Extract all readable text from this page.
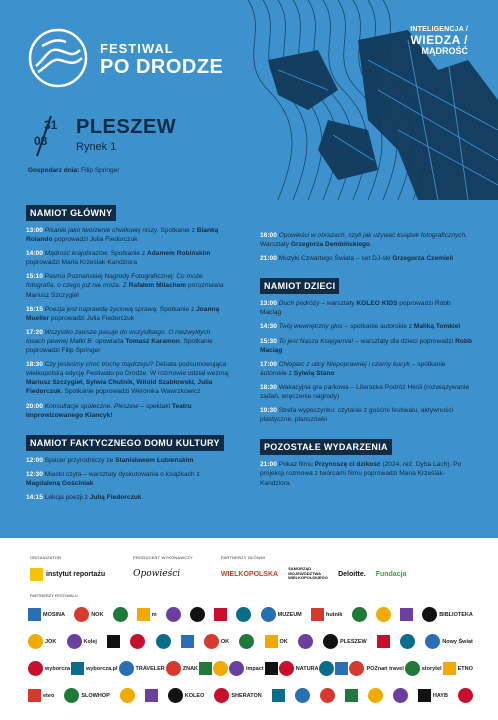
FESTIWAL
PO DRODZE
INTELIGENCJA /
WIEDZA /
MĄDROŚĆ
31
08
PLESZEW
Rynek 1
Gospodarz dnia: Filip Springer
NAMIOT GŁÓWNY
13:00 Pisanie jako tworzenie chwilowej niszy. Spotkanie z Bianką Rolando poprowadzi Julia Fiedorczuk
14:00 Mądrość krajobrazów. Spotkanie z Adamem Robińskim poprowadzi Maria Krześlak-Kandziora
15:10 Pasmo Poznańskiej Nagrody Fotograficznej: Co może fotografia, o czego już nie może. Z Rafałem Milachem porozmawia Mariusz Szczygieł
16:15 Poezja jest naprawdę życiową sprawą. Spotkanie z Joanną Mueller poprowadzi Julia Fiedorczuk
17:20 Wszystko zawsze pasuje do wszystkiego. O niezwykłych losach pewnej Matki B. opowiada Tomasz Karamon. Spotkanie poprowadzi Filip Springer
18:30 Czy jesteśmy choć trochę mądrzejsi? Debata podsumowująca wielkopolską edycję Festiwalu po Drodze. W rozmowie udział wezmą: Mariusz Szczygieł, Sylwia Chutnik, Witold Szabłowski, Julia Fiedorczuk. Spotkanie poprowadzi Weronika Wawrzkowicz
20:00 Konsultacje społeczne. Pleszew – spektakl Teatru Improwizowanego Klancyk!
NAMIOT FAKTYCZNEGO DOMU KULTURY
12:00 Spacer przyrodniczy ze Stanisławem Łubieńskim
12:30 Miasto czyta – warsztaty dyskutowania o książkach z Magdaleną Gościniak
14:15 Lekcja poezji z Julią Fiedorczuk.
16:00 Opowieści w obrazach, czyli jak używać książek fotograficznych. Warsztaty Grzegorza Dembińskiego
21:00 Muzyki Czwartego Świata – set DJ-ski Grzegorza Czemieli
NAMIOT DZIECI
13:00 Duch podróży – warsztaty KOLEO KIDS poprowadzi Robb Maciąg
14:30 Twój wewnętrzny głos – spotkanie autorskie z Maliką Tomkiel
15:30 To jest Nasza Księgarnia! – warsztaty dla dzieci poprowadzi Robb Maciąg
17:00 Chłopiec z ulicy Niepoprawnej i czarny kucyk – spotkanie autorskie z Sylwią Stano
18:30 Wakacyjna gra parkowa – Literacka Podróż Heśli (rozwiązywanie zadań, wręczenie nagrody)
19:30 Strefa wypoczynku: czytanie z gośćmi festiwalu, aktywności plastyczne, planszówki
POZOSTAŁE WYDARZENIA
21:00 Pokaz filmu Przynoszę ci dzikość (2024, reż. Dyba Lach). Po projekcji rozmowa z twórcami filmu poprowadzi Maria Krześlak-Kandziora
ORGANIZATOR
instytut reportażu
PRODUCENT WYKONAWCZY
Opowieści
PARTNERZY GŁÓWNI
WIELKOPOLSKA
SAMORZĄD WOJEWÓDZTWA WIELKOPOLSKIEGO
Deloitte. Fundacja
PARTNERZY FESTIWALU
MOSINA	NOK	m	MUZEUM	hutnik	BIBLIOTEKA
JOK	Kolej	OK	OK	PLESZEW	Nowy Świat
wyborcza	wyborcza.pl	TRAVELER	ZNAK	impact	NATURA	POZnań travel	storytel	ETNO
eteo	SLOWHOP	KOLEO	SHERATON	HAYB
